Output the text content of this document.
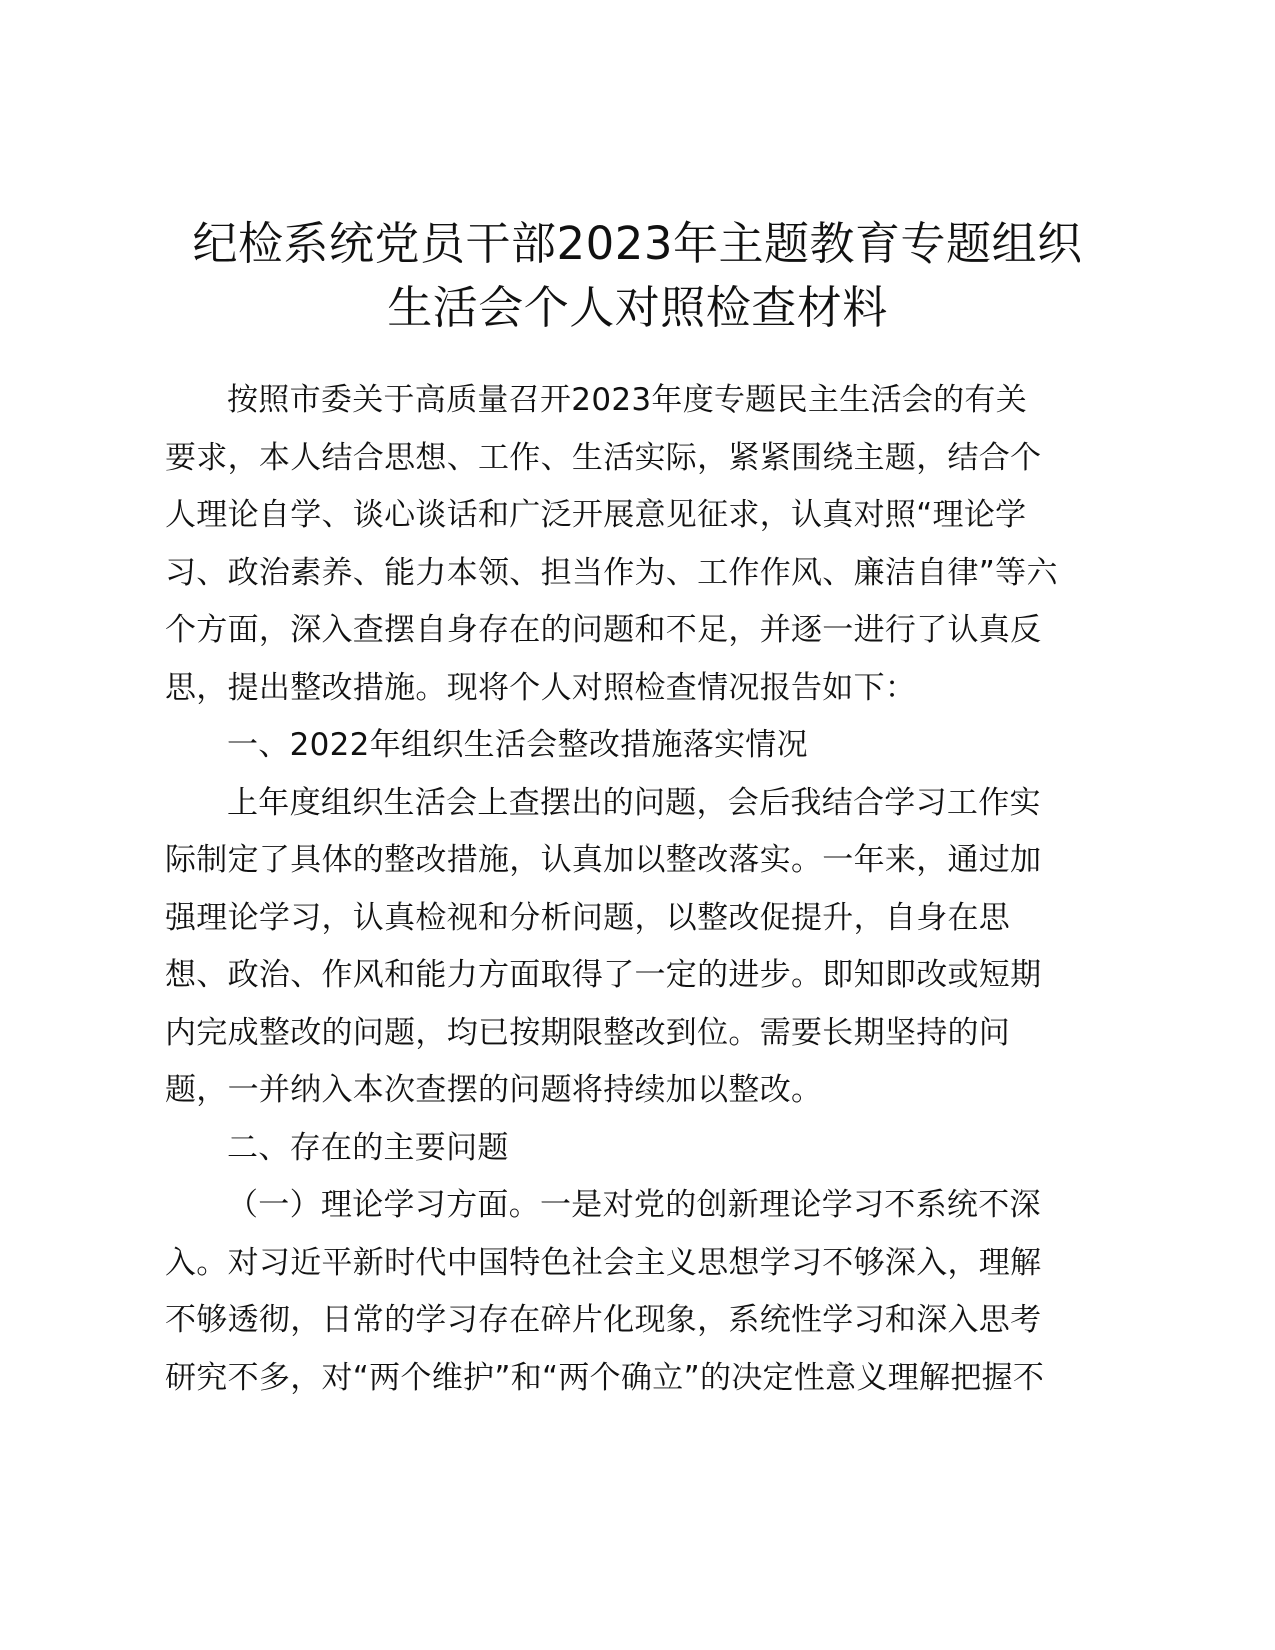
纪检系统党员干部2023年主题教育专题组织
生活会个人对照检查材料
按照市委关于高质量召开2023年度专题民主生活会的有关
要求，本人结合思想、工作、生活实际，紧紧围绕主题，结合个
人理论自学、谈心谈话和广泛开展意见征求，认真对照“理论学
习、政治素养、能力本领、担当作为、工作作风、廉洁自律”等六
个方面，深入查摆自身存在的问题和不足，并逐一进行了认真反
思，提出整改措施。现将个人对照检查情况报告如下：
一、2022年组织生活会整改措施落实情况
上年度组织生活会上查摆出的问题，会后我结合学习工作实
际制定了具体的整改措施，认真加以整改落实。一年来，通过加
强理论学习，认真检视和分析问题，以整改促提升，自身在思
想、政治、作风和能力方面取得了一定的进步。即知即改或短期
内完成整改的问题，均已按期限整改到位。需要长期坚持的问
题，一并纳入本次查摆的问题将持续加以整改。
二、存在的主要问题
（一）理论学习方面。一是对党的创新理论学习不系统不深
入。对习近平新时代中国特色社会主义思想学习不够深入，理解
不够透彻，日常的学习存在碎片化现象，系统性学习和深入思考
研究不多，对“两个维护”和“两个确立”的决定性意义理解把握不
